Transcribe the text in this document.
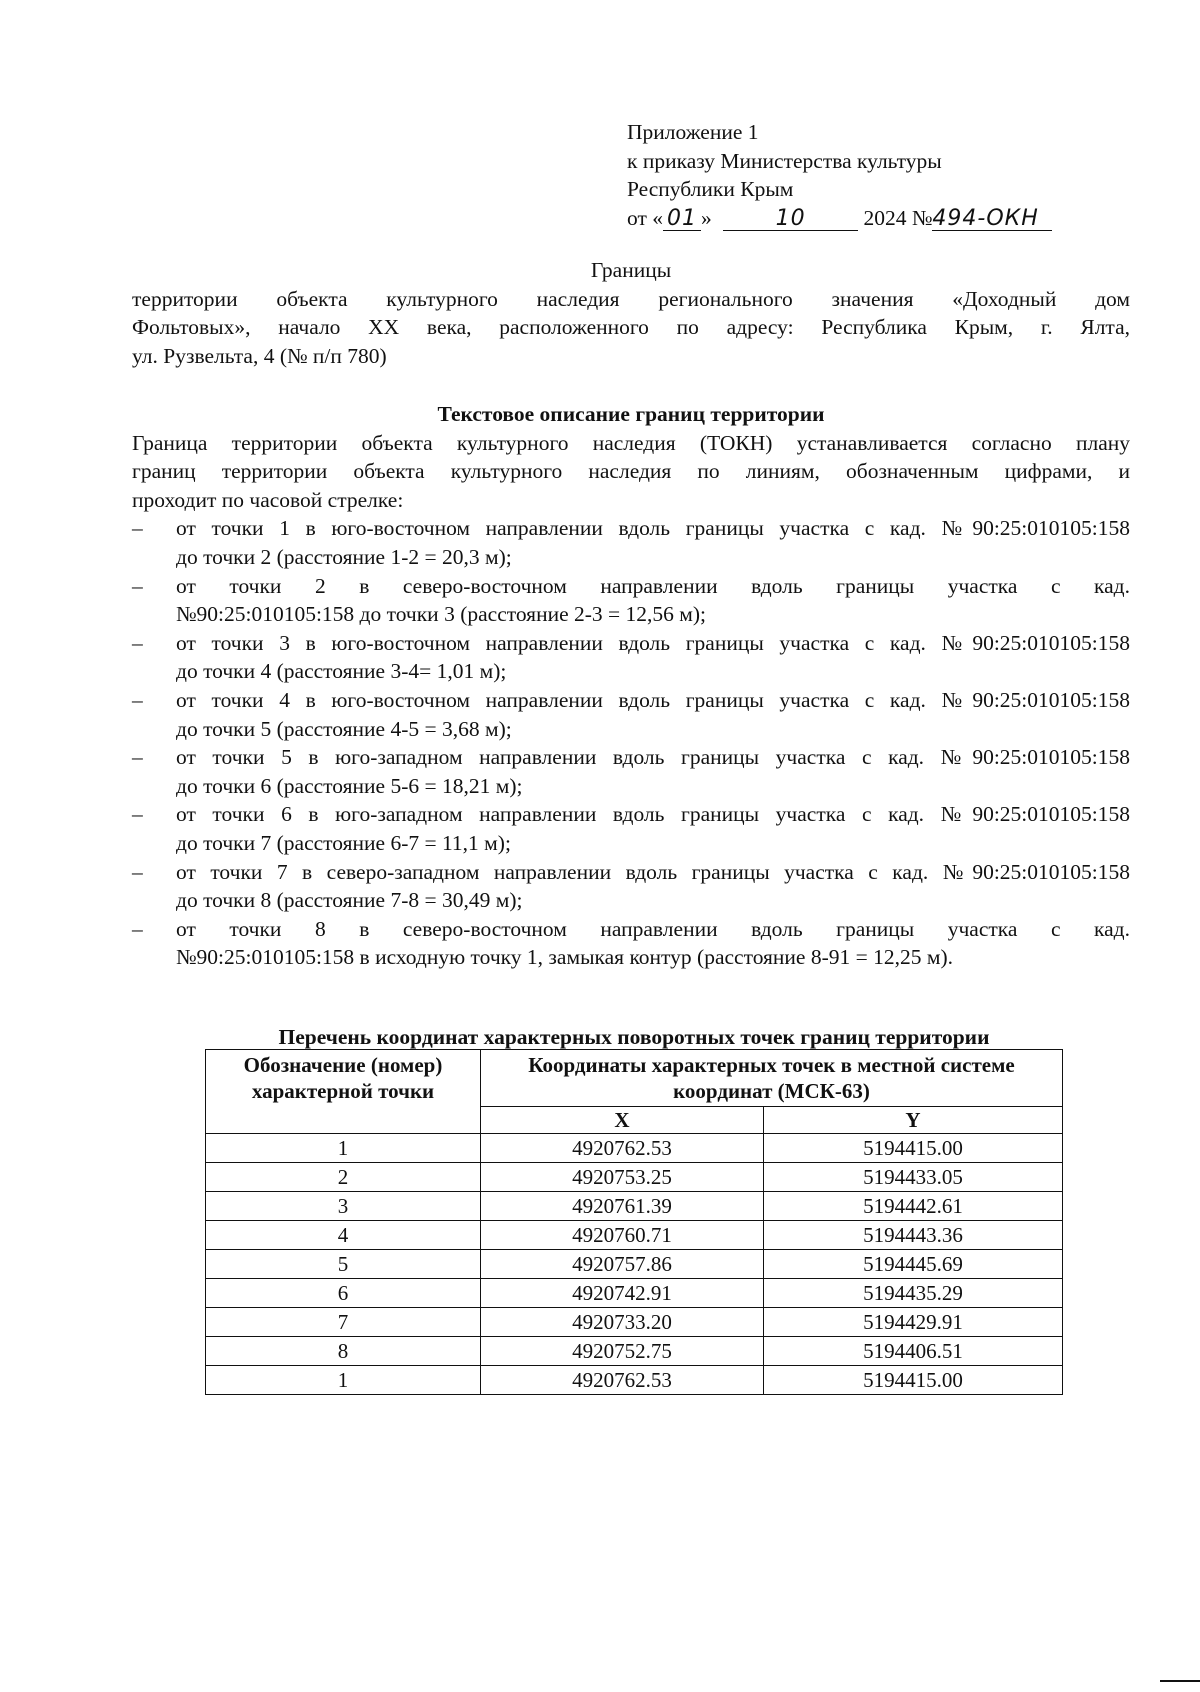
Приложение 1
к приказу Министерства культуры
Республики Крым
от « 01 »	10	2024 №494-ОКН
Границы
территории объекта культурного наследия регионального значения «Доходный дом
Фольтовых», начало XX века, расположенного по адресу: Республика Крым, г. Ялта,
ул. Рузвельта, 4 (№ п/п 780)
Текстовое описание границ территории
Граница территории объекта культурного наследия (ТОКН) устанавливается согласно плану
границ территории объекта культурного наследия по линиям, обозначенным цифрами, и
проходит по часовой стрелке:
– от точки 1 в юго-восточном направлении вдоль границы участка с кад. №90:25:010105:158
до точки 2 (расстояние 1-2 = 20,3 м);
– от точки 2 в северо-восточном направлении вдоль границы участка с кад.
№90:25:010105:158 до точки 3 (расстояние 2-3 = 12,56 м);
– от точки 3 в юго-восточном направлении вдоль границы участка с кад. №90:25:010105:158
до точки 4 (расстояние 3-4= 1,01 м);
– от точки 4 в юго-восточном направлении вдоль границы участка с кад. №90:25:010105:158
до точки 5 (расстояние 4-5 = 3,68 м);
– от точки 5 в юго-западном направлении вдоль границы участка с кад. №90:25:010105:158
до точки 6 (расстояние 5-6 = 18,21 м);
– от точки 6 в юго-западном направлении вдоль границы участка с кад. №90:25:010105:158
до точки 7 (расстояние 6-7 = 11,1 м);
– от точки 7 в северо-западном направлении вдоль границы участка с кад. №90:25:010105:158
до точки 8 (расстояние 7-8 = 30,49 м);
– от точки 8 в северо-восточном направлении вдоль границы участка с кад.
№90:25:010105:158 в исходную точку 1, замыкая контур (расстояние 8-91 = 12,25 м).
Перечень координат характерных поворотных точек границ территории
Обозначение (номер) характерной точки	Координаты характерных точек в местной системе координат (МСК-63)	
	X	Y
1	4920762.53	5194415.00
2	4920753.25	5194433.05
3	4920761.39	5194442.61
4	4920760.71	5194443.36
5	4920757.86	5194445.69
6	4920742.91	5194435.29
7	4920733.20	5194429.91
8	4920752.75	5194406.51
1	4920762.53	5194415.00
